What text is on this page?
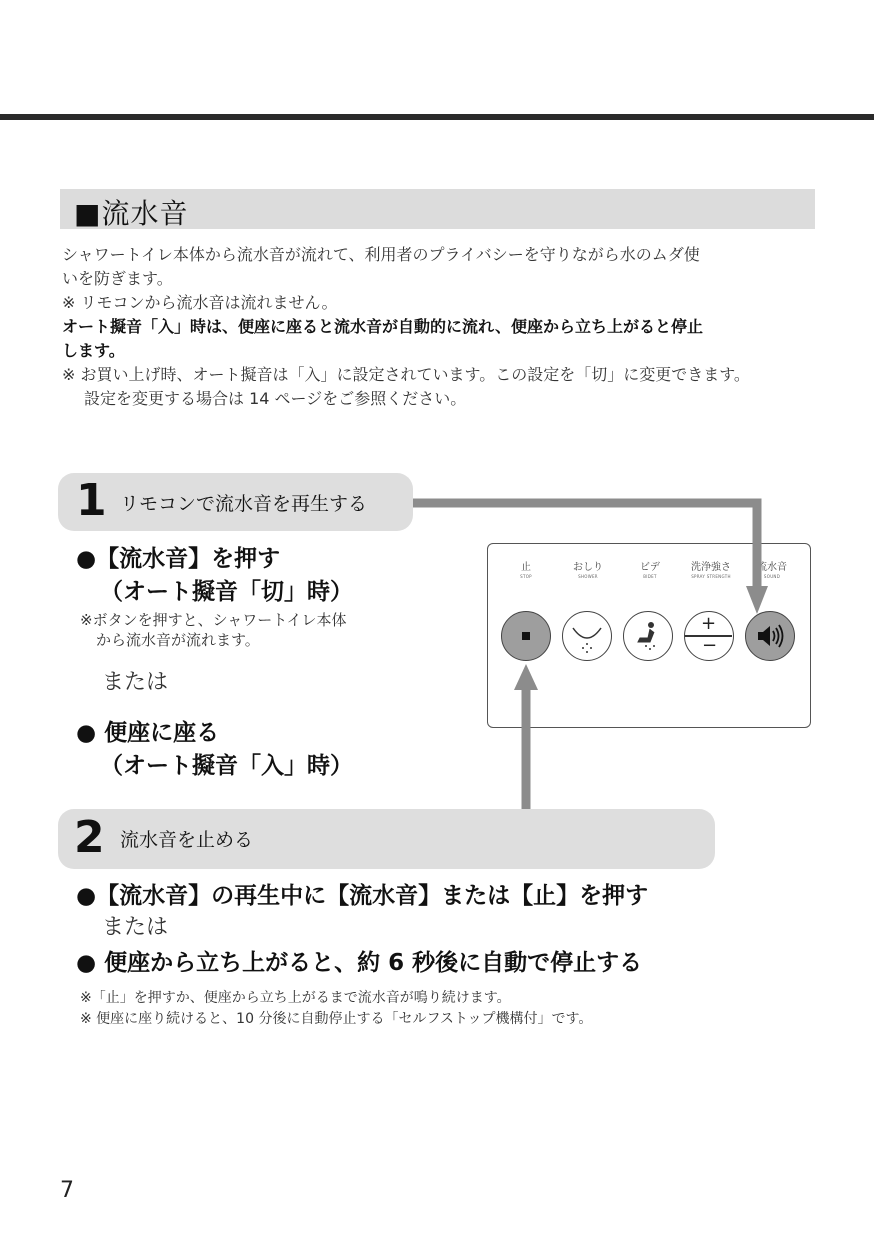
■流水音

シャワートイレ本体から流水音が流れて、利用者のプライバシーを守りながら水のムダ使

いを防ぎます。

※ リモコンから流水音は流れません。

オート擬音「入」時は、便座に座ると流水音が自動的に流れ、便座から立ち上がると停止

します。

※ お買い上げ時、オート擬音は「入」に設定されています。この設定を「切」に変更できます。

設定を変更する場合は 14 ページをご参照ください。

1 リモコンで流水音を再生する
●【流水音】を押す
（オート擬音「切」時）
※ボタンを押すと、シャワートイレ本体
から流水音が流れます。
または
● 便座に座る
（オート擬音「入」時）
止
STOP
おしり
SHOWER
ビデ
BIDET
洗浄強さ
SPRAY STRENGTH
流水音
SOUND
+
−
2 流水音を止める
●【流水音】の再生中に【流水音】または【止】を押す
または
● 便座から立ち上がると、約 6 秒後に自動で停止する
※「止」を押すか、便座から立ち上がるまで流水音が鳴り続けます。
※ 便座に座り続けると、10 分後に自動停止する「セルフストップ機構付」です。
7
